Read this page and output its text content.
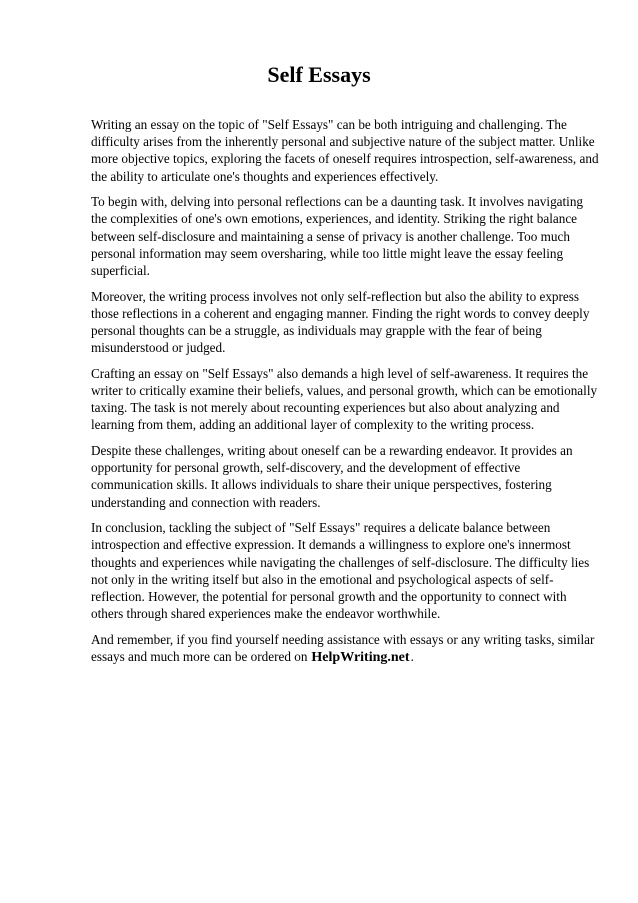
Self Essays

Writing an essay on the topic of "Self Essays" can be both intriguing and challenging. The difficulty arises from the inherently personal and subjective nature of the subject matter. Unlike more objective topics, exploring the facets of oneself requires introspection, self-awareness, and the ability to articulate one's thoughts and experiences effectively.

To begin with, delving into personal reflections can be a daunting task. It involves navigating the complexities of one's own emotions, experiences, and identity. Striking the right balance between self-disclosure and maintaining a sense of privacy is another challenge. Too much personal information may seem oversharing, while too little might leave the essay feeling superficial.

Moreover, the writing process involves not only self-reflection but also the ability to express those reflections in a coherent and engaging manner. Finding the right words to convey deeply personal thoughts can be a struggle, as individuals may grapple with the fear of being misunderstood or judged.

Crafting an essay on "Self Essays" also demands a high level of self-awareness. It requires the writer to critically examine their beliefs, values, and personal growth, which can be emotionally taxing. The task is not merely about recounting experiences but also about analyzing and learning from them, adding an additional layer of complexity to the writing process.

Despite these challenges, writing about oneself can be a rewarding endeavor. It provides an opportunity for personal growth, self-discovery, and the development of effective communication skills. It allows individuals to share their unique perspectives, fostering understanding and connection with readers.

In conclusion, tackling the subject of "Self Essays" requires a delicate balance between introspection and effective expression. It demands a willingness to explore one's innermost thoughts and experiences while navigating the challenges of self-disclosure. The difficulty lies not only in the writing itself but also in the emotional and psychological aspects of self-reflection. However, the potential for personal growth and the opportunity to connect with others through shared experiences make the endeavor worthwhile.

And remember, if you find yourself needing assistance with essays or any writing tasks, similar essays and much more can be ordered on HelpWriting.net.
